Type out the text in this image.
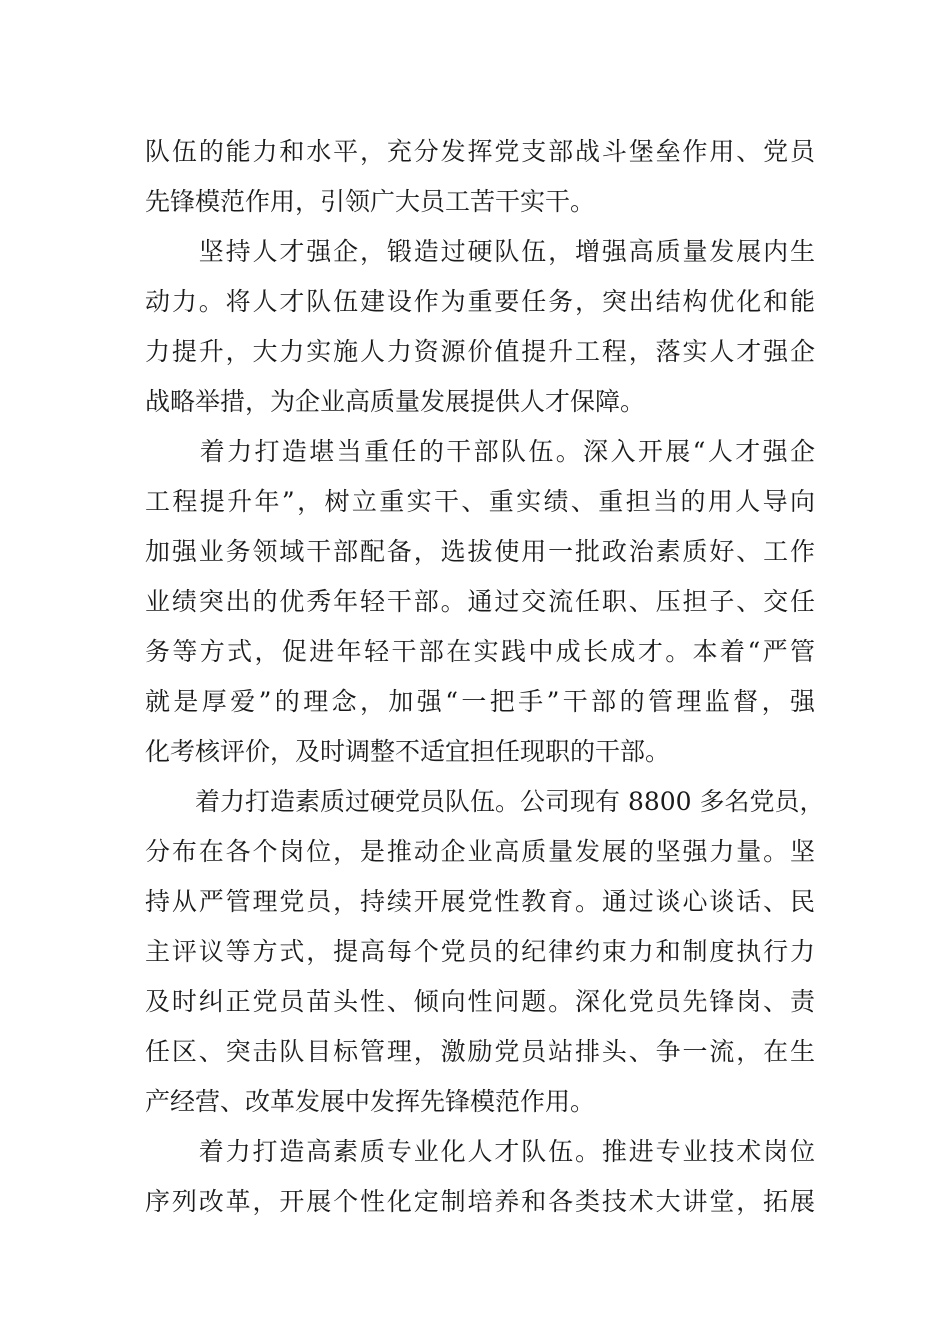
队伍的能力和水平，充分发挥党支部战斗堡垒作用、党员
先锋模范作用，引领广大员工苦干实干。
　　坚持人才强企，锻造过硬队伍，增强高质量发展内生
动力。将人才队伍建设作为重要任务，突出结构优化和能
力提升，大力实施人力资源价值提升工程，落实人才强企
战略举措，为企业高质量发展提供人才保障。
　　着力打造堪当重任的干部队伍。深入开展“人才强企
工程提升年”，树立重实干、重实绩、重担当的用人导向
加强业务领域干部配备，选拔使用一批政治素质好、工作
业绩突出的优秀年轻干部。通过交流任职、压担子、交任
务等方式，促进年轻干部在实践中成长成才。本着“严管
就是厚爱”的理念，加强“一把手”干部的管理监督，强
化考核评价，及时调整不适宜担任现职的干部。
　　着力打造素质过硬党员队伍。公司现有 8800 多名党员，
分布在各个岗位，是推动企业高质量发展的坚强力量。坚
持从严管理党员，持续开展党性教育。通过谈心谈话、民
主评议等方式，提高每个党员的纪律约束力和制度执行力
及时纠正党员苗头性、倾向性问题。深化党员先锋岗、责
任区、突击队目标管理，激励党员站排头、争一流，在生
产经营、改革发展中发挥先锋模范作用。
　　着力打造高素质专业化人才队伍。推进专业技术岗位
序列改革，开展个性化定制培养和各类技术大讲堂，拓展
